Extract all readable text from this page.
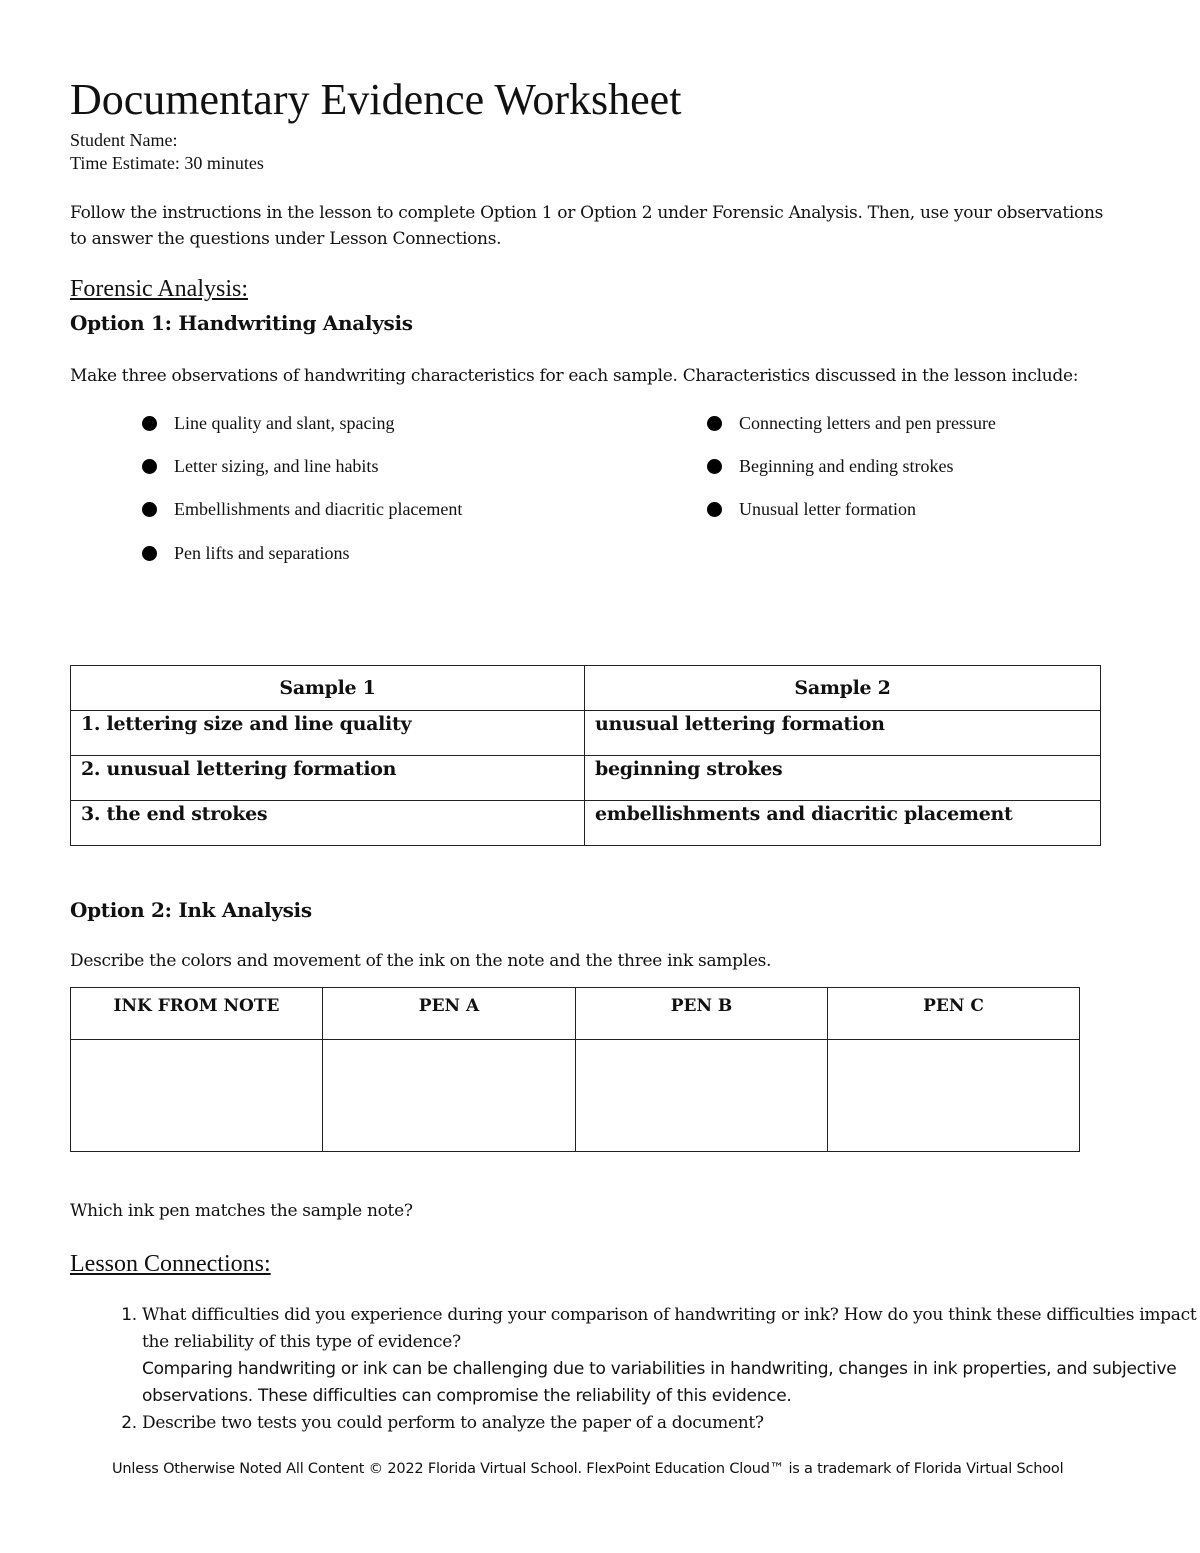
Documentary Evidence Worksheet
Student Name:
Time Estimate: 30 minutes
Follow the instructions in the lesson to complete Option 1 or Option 2 under Forensic Analysis. Then, use your observations to answer the questions under Lesson Connections.
Forensic Analysis:
Option 1: Handwriting Analysis
Make three observations of handwriting characteristics for each sample. Characteristics discussed in the lesson include:
Line quality and slant, spacing
Letter sizing, and line habits
Embellishments and diacritic placement
Pen lifts and separations
Connecting letters and pen pressure
Beginning and ending strokes
Unusual letter formation
Sample 1	Sample 2
1. lettering size and line quality	unusual lettering formation
2. unusual lettering formation	beginning strokes
3. the end strokes	embellishments and diacritic placement
Option 2: Ink Analysis
Describe the colors and movement of the ink on the note and the three ink samples.
INK FROM NOTE	PEN A	PEN B	PEN C

Which ink pen matches the sample note?
Lesson Connections:
1. What difficulties did you experience during your comparison of handwriting or ink? How do you think these difficulties impact the reliability of this type of evidence?
Comparing handwriting or ink can be challenging due to variabilities in handwriting, changes in ink properties, and subjective observations. These difficulties can compromise the reliability of this evidence.
2. Describe two tests you could perform to analyze the paper of a document?
Unless Otherwise Noted All Content © 2022 Florida Virtual School. FlexPoint Education Cloud™ is a trademark of Florida Virtual School
